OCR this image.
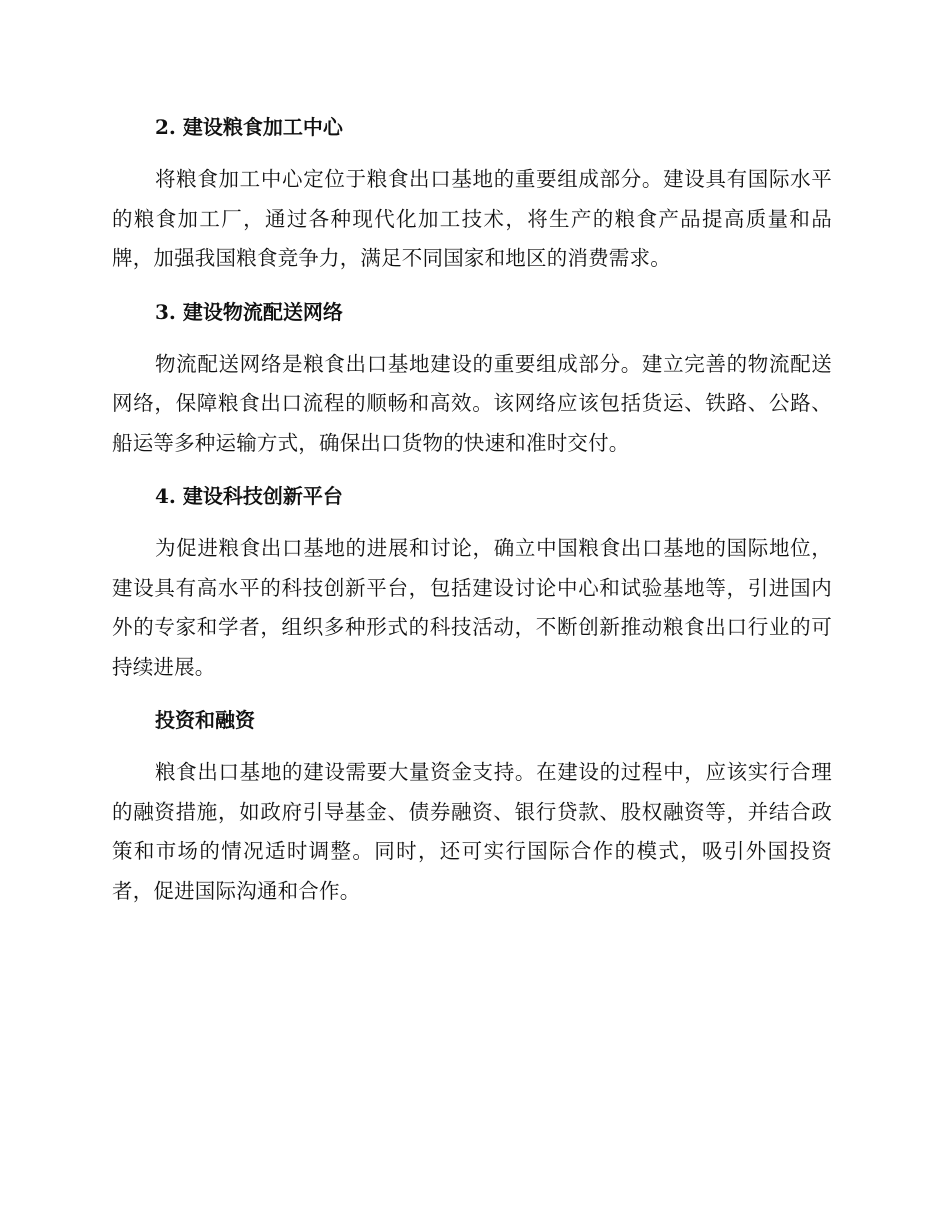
2. 建设粮食加工中心

将粮食加工中心定位于粮食出口基地的重要组成部分。建设具有国际水平的粮食加工厂，通过各种现代化加工技术，将生产的粮食产品提高质量和品牌，加强我国粮食竞争力，满足不同国家和地区的消费需求。

3. 建设物流配送网络

物流配送网络是粮食出口基地建设的重要组成部分。建立完善的物流配送网络，保障粮食出口流程的顺畅和高效。该网络应该包括货运、铁路、公路、船运等多种运输方式，确保出口货物的快速和准时交付。

4. 建设科技创新平台

为促进粮食出口基地的进展和讨论，确立中国粮食出口基地的国际地位，建设具有高水平的科技创新平台，包括建设讨论中心和试验基地等，引进国内外的专家和学者，组织多种形式的科技活动，不断创新推动粮食出口行业的可持续进展。

投资和融资

粮食出口基地的建设需要大量资金支持。在建设的过程中，应该实行合理的融资措施，如政府引导基金、债券融资、银行贷款、股权融资等，并结合政策和市场的情况适时调整。同时，还可实行国际合作的模式，吸引外国投资者，促进国际沟通和合作。
